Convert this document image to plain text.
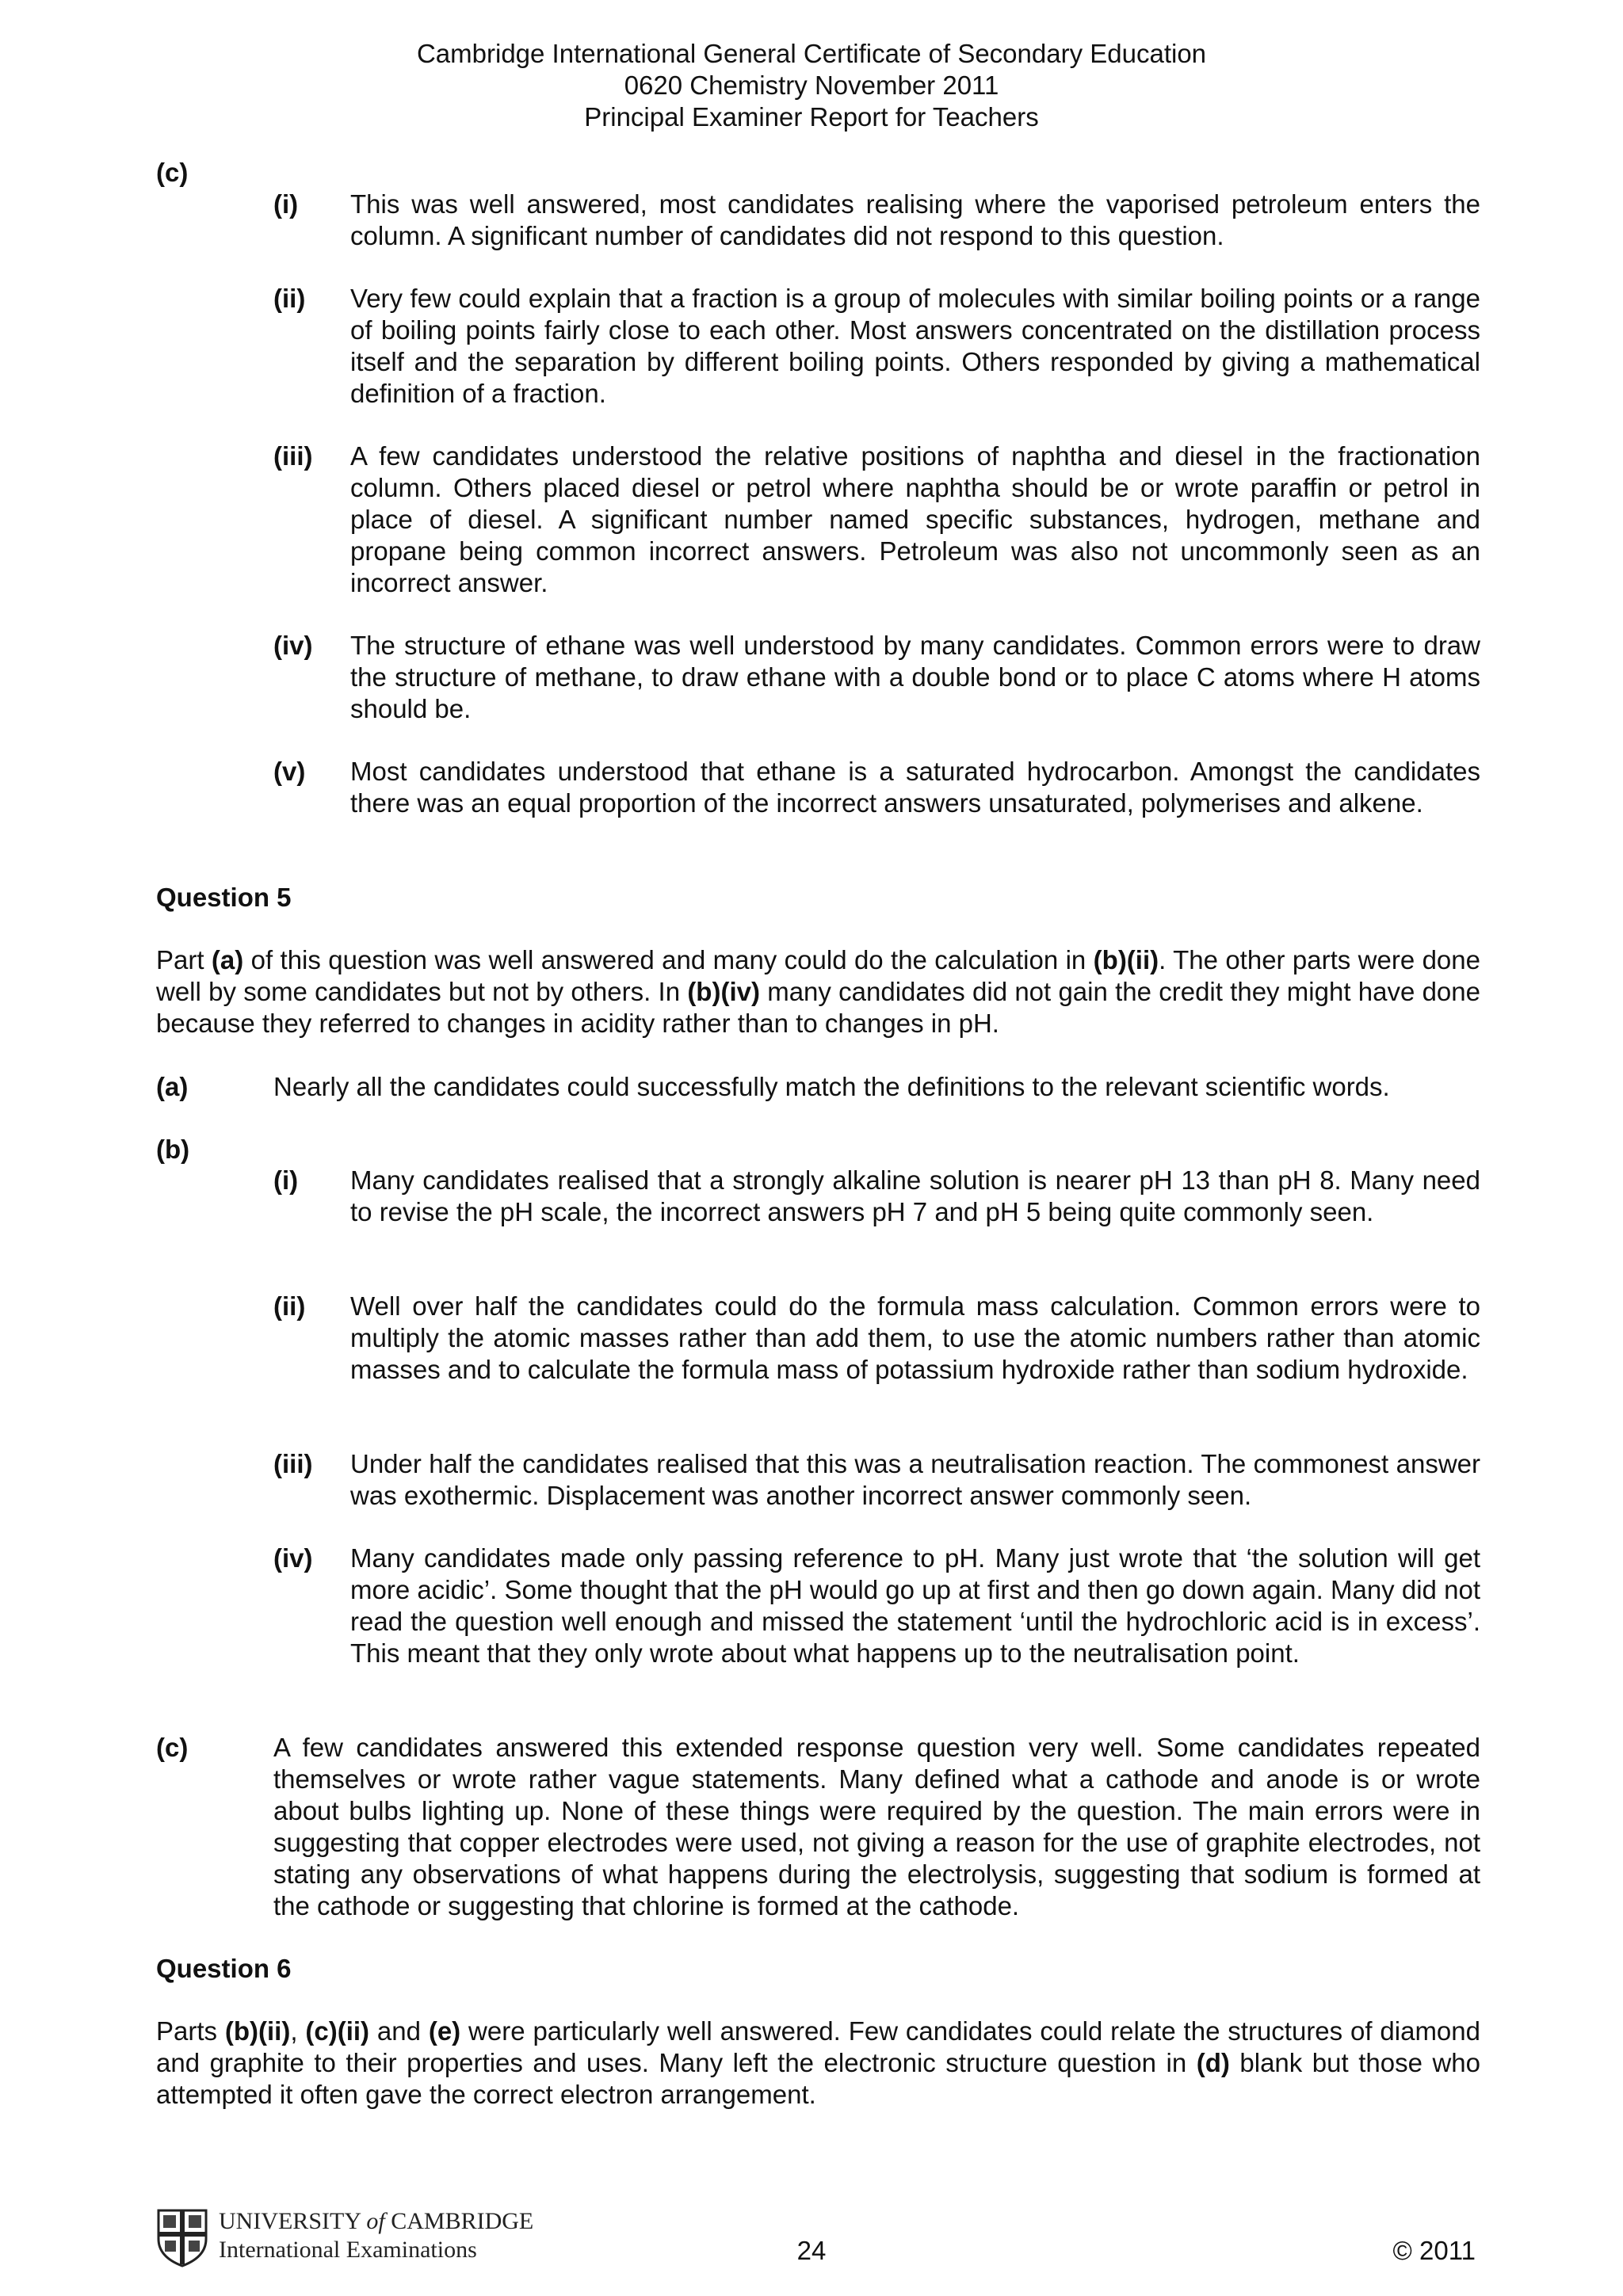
Cambridge International General Certificate of Secondary Education
0620 Chemistry November 2011
Principal Examiner Report for Teachers
(c)
(i)	This was well answered, most candidates realising where the vaporised petroleum enters the column. A significant number of candidates did not respond to this question.
(ii)	Very few could explain that a fraction is a group of molecules with similar boiling points or a range of boiling points fairly close to each other. Most answers concentrated on the distillation process itself and the separation by different boiling points. Others responded by giving a mathematical definition of a fraction.
(iii)	A few candidates understood the relative positions of naphtha and diesel in the fractionation column. Others placed diesel or petrol where naphtha should be or wrote paraffin or petrol in place of diesel. A significant number named specific substances, hydrogen, methane and propane being common incorrect answers. Petroleum was also not uncommonly seen as an incorrect answer.
(iv)	The structure of ethane was well understood by many candidates. Common errors were to draw the structure of methane, to draw ethane with a double bond or to place C atoms where H atoms should be.
(v)	Most candidates understood that ethane is a saturated hydrocarbon. Amongst the candidates there was an equal proportion of the incorrect answers unsaturated, polymerises and alkene.
Question 5
Part (a) of this question was well answered and many could do the calculation in (b)(ii). The other parts were done well by some candidates but not by others. In (b)(iv) many candidates did not gain the credit they might have done because they referred to changes in acidity rather than to changes in pH.
(a)	Nearly all the candidates could successfully match the definitions to the relevant scientific words.
(b)
(i)	Many candidates realised that a strongly alkaline solution is nearer pH 13 than pH 8. Many need to revise the pH scale, the incorrect answers pH 7 and pH 5 being quite commonly seen.
(ii)	Well over half the candidates could do the formula mass calculation. Common errors were to multiply the atomic masses rather than add them, to use the atomic numbers rather than atomic masses and to calculate the formula mass of potassium hydroxide rather than sodium hydroxide.
(iii)	Under half the candidates realised that this was a neutralisation reaction. The commonest answer was exothermic. Displacement was another incorrect answer commonly seen.
(iv)	Many candidates made only passing reference to pH. Many just wrote that ‘the solution will get more acidic’. Some thought that the pH would go up at first and then go down again. Many did not read the question well enough and missed the statement ‘until the hydrochloric acid is in excess’. This meant that they only wrote about what happens up to the neutralisation point.
(c)	A few candidates answered this extended response question very well. Some candidates repeated themselves or wrote rather vague statements. Many defined what a cathode and anode is or wrote about bulbs lighting up. None of these things were required by the question. The main errors were in suggesting that copper electrodes were used, not giving a reason for the use of graphite electrodes, not stating any observations of what happens during the electrolysis, suggesting that sodium is formed at the cathode or suggesting that chlorine is formed at the cathode.
Question 6
Parts (b)(ii), (c)(ii) and (e) were particularly well answered. Few candidates could relate the structures of diamond and graphite to their properties and uses. Many left the electronic structure question in (d) blank but those who attempted it often gave the correct electron arrangement.
UNIVERSITY of CAMBRIDGE
International Examinations	24	© 2011
